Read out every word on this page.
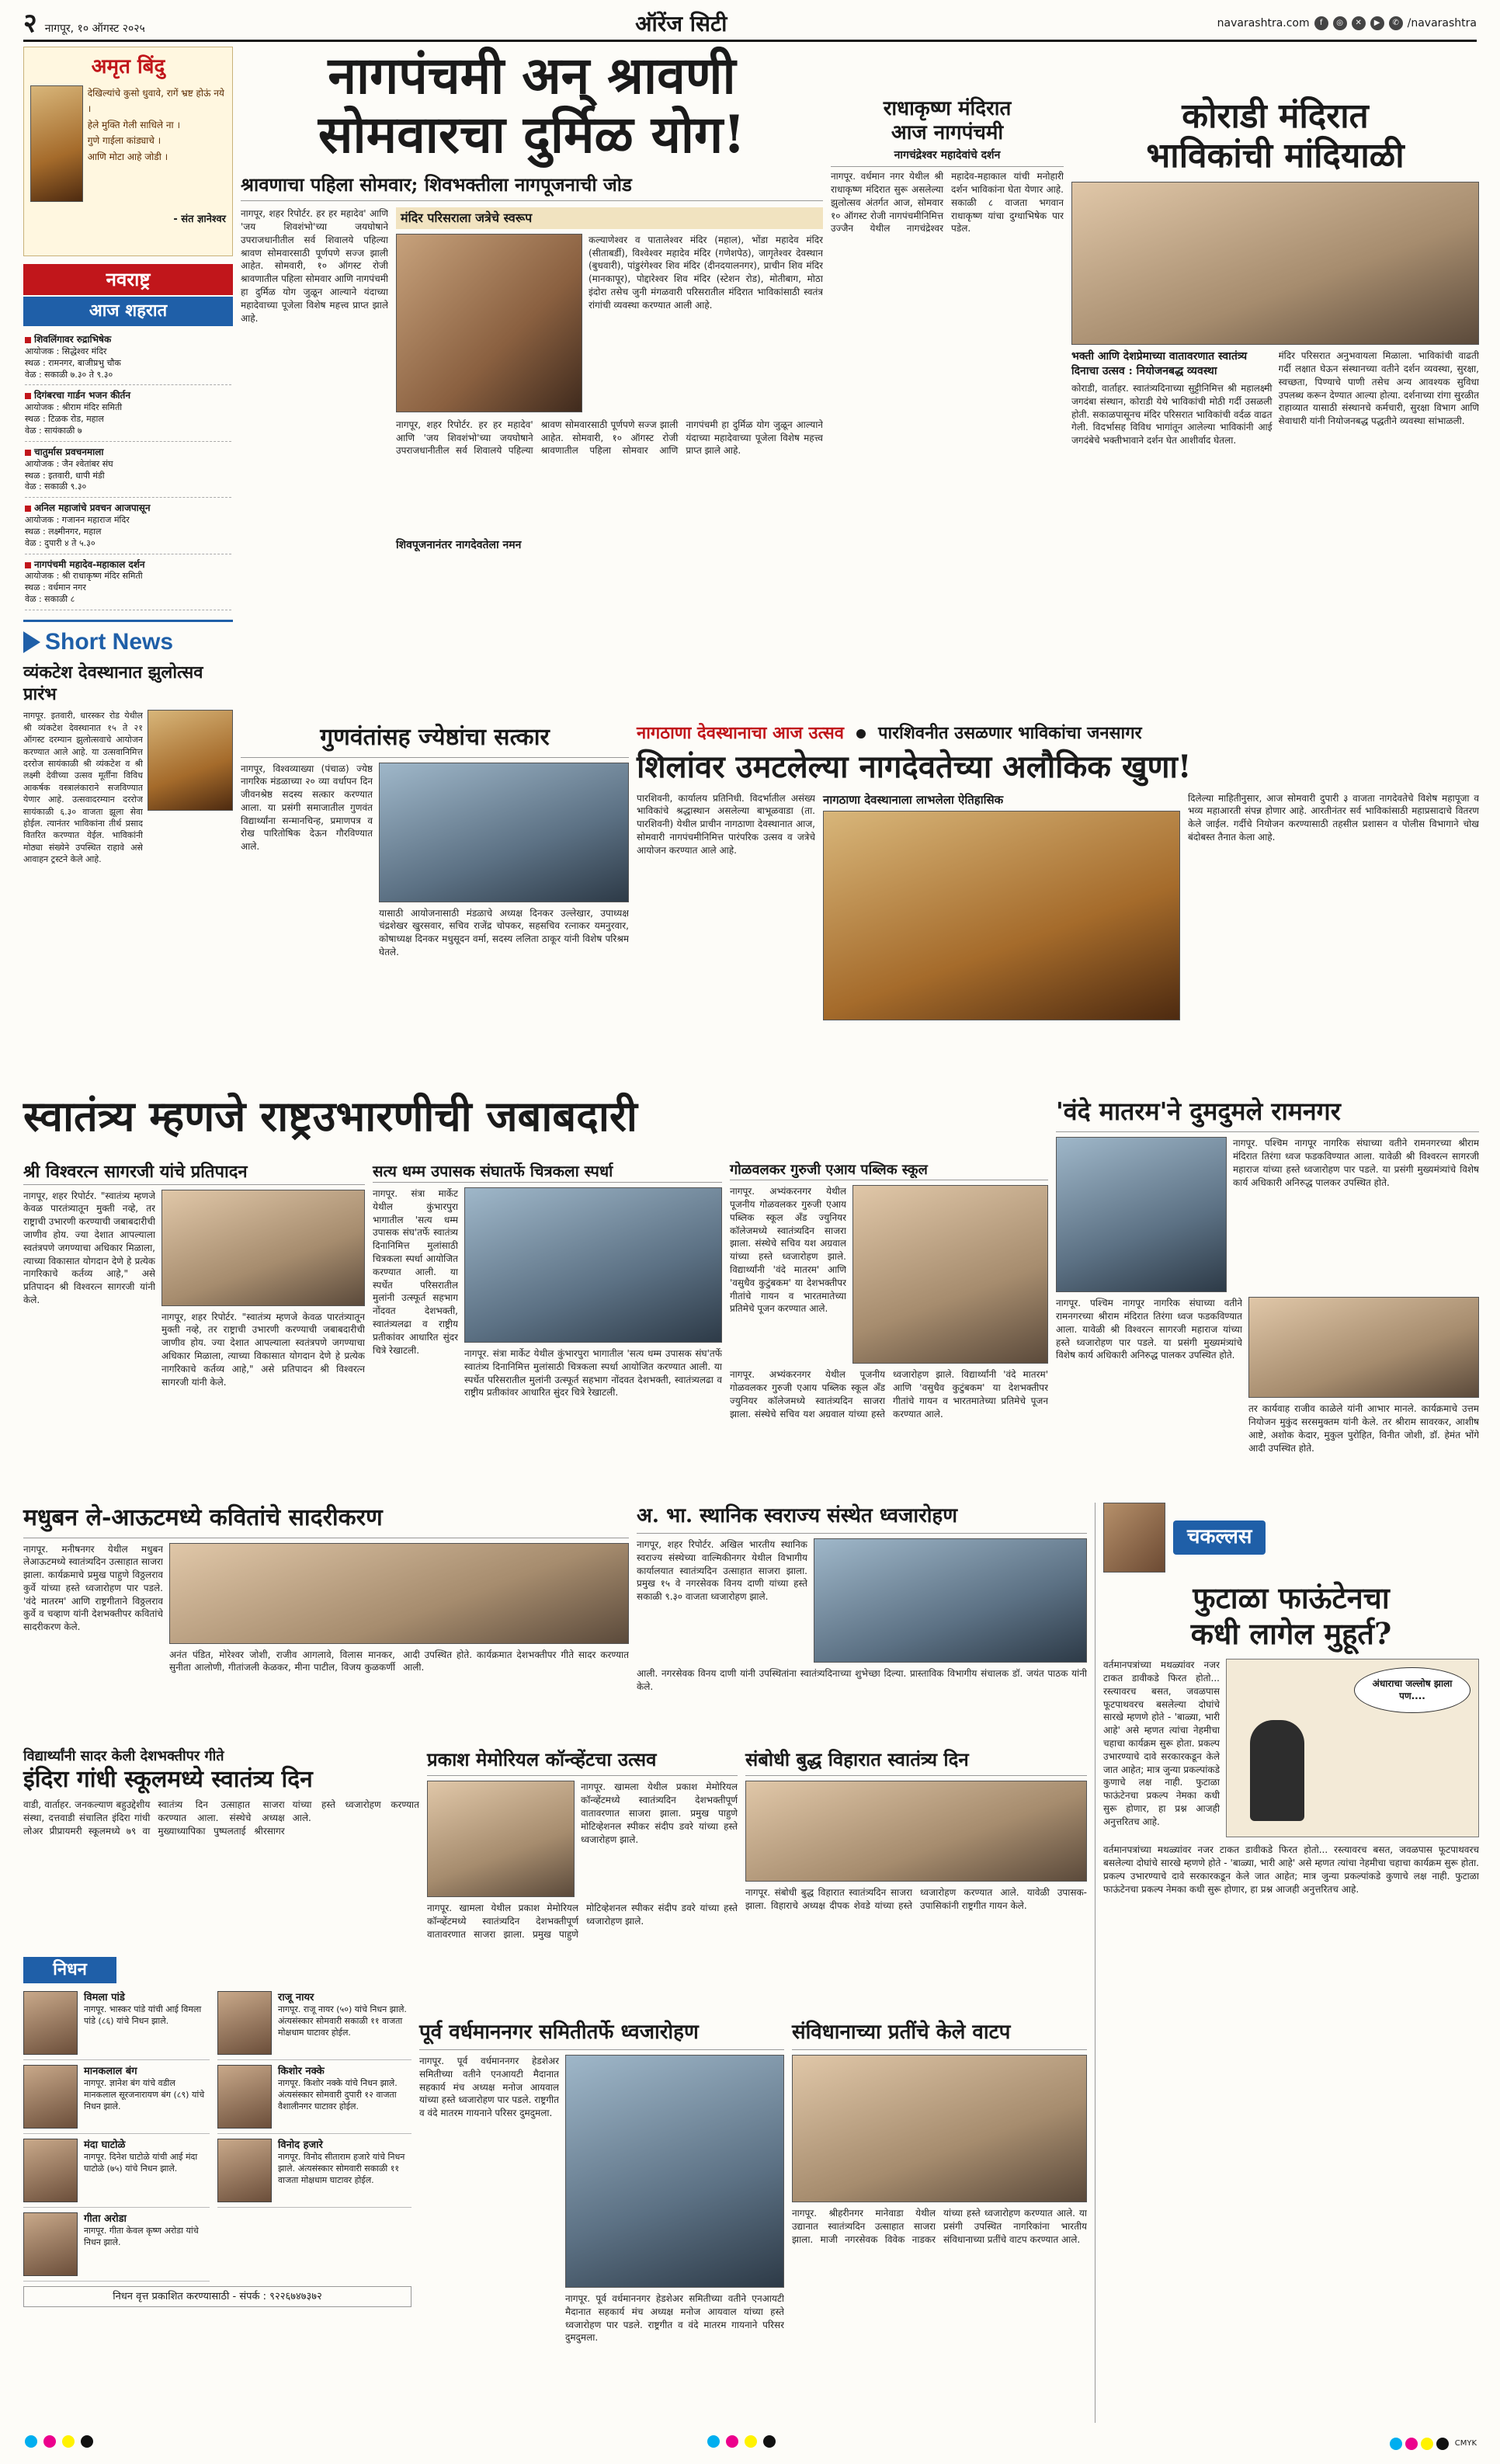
२ नागपूर, १० ऑगस्ट २०२५	ऑरेंज सिटी	navarashtra.com	f	◎	✕	▶	✆ /navarashtra
अमृत बिंदु
देखिल्यांचे कुसो धुवावे, रागें भ्रष्ट होऊं नये ।
हेले मुक्ति गेली साधिले ना ।
गुणे गाईला कांड्याचे ।
आणि मोटा आहे जोडी ।
- संत ज्ञानेश्वर
नवराष्ट्र
आज शहरात
शिवलिंगावर रुद्राभिषेक
आयोजक : सिद्धेश्वर मंदिर
स्थळ : रामनगर, बाजीप्रभु चौक
वेळ : सकाळी ७.३० ते ९.३०
दिगंबरचा गार्डन भजन कीर्तन
आयोजक : श्रीराम मंदिर समिती
स्थळ : टिळक रोड, महाल
वेळ : सायंकाळी ७
चातुर्मास प्रवचनमाला
आयोजक : जैन श्वेतांबर संघ
स्थळ : इतवारी, धापी मंडी
वेळ : सकाळी ९.३०
अनिल महाजांचे प्रवचन आजपासून
आयोजक : गजानन महाराज मंदिर
स्थळ : लक्ष्मीनगर, महाल
वेळ : दुपारी ४ ते ५.३०
नागपंचमी महादेव-महाकाल दर्शन
आयोजक : श्री राधाकृष्ण मंदिर समिती
स्थळ : वर्धमान नगर
वेळ : सकाळी ८
Short News
व्यंकटेश देवस्थानात झुलोत्सव प्रारंभ
नागपूर. इतवारी, धारस्कर रोड येथील श्री व्यंकटेश देवस्थानात १५ ते २१ ऑगस्ट दरम्यान झुलोत्सवाचे आयोजन करण्यात आले आहे. या उत्सवानिमित्त दररोज सायंकाळी श्री व्यंकटेश व श्री लक्ष्मी देवीच्या उत्सव मूर्तींना विविध आकर्षक वस्त्रालंकाराने सजविण्यात येणार आहे. उत्सवादरम्यान दररोज सायंकाळी ६.३० वाजता झूला सेवा होईल. त्यानंतर भाविकांना तीर्थ प्रसाद वितरित करण्यात येईल. भाविकांनी मोठ्या संख्येने उपस्थित राहावे असे आवाहन ट्रस्टने केले आहे.
नागपंचमी अन् श्रावणी
सोमवारचा दुर्मिळ योग!
श्रावणाचा पहिला सोमवार; शिवभक्तीला नागपूजनाची जोड
नागपूर, शहर रिपोर्टर. हर हर महादेव' आणि 'जय शिवशंभो'च्या जयघोषाने उपराजधानीतील सर्व शिवालये पहिल्या श्रावण सोमवारसाठी पूर्णपणे सज्ज झाली आहेत. सोमवारी, १० ऑगस्ट रोजी श्रावणातील पहिला सोमवार आणि नागपंचमी हा दुर्मिळ योग जुळून आल्याने यंदाच्या महादेवाच्या पूजेला विशेष महत्त्व प्राप्त झाले आहे.
मंदिर परिसराला जत्रेचे स्वरूप
कल्याणेश्वर व पातालेश्वर मंदिर (महाल), भोंडा महादेव मंदिर (सीताबर्डी), विश्वेश्वर महादेव मंदिर (गणेशपेठ), जागृतेश्वर देवस्थान (बुधवारी), पांडुरंगेश्वर शिव मंदिर (दीनदयालनगर), प्राचीन शिव मंदिर (मानकापूर), पोद्दारेश्वर शिव मंदिर (स्टेशन रोड), मोतीबाग, मोठा इंदोरा तसेच जुनी मंगळवारी परिसरातील मंदिरात भाविकांसाठी स्वतंत्र रांगांची व्यवस्था करण्यात आली आहे.
नागपूर, शहर रिपोर्टर. हर हर महादेव' आणि 'जय शिवशंभो'च्या जयघोषाने उपराजधानीतील सर्व शिवालये पहिल्या श्रावण सोमवारसाठी पूर्णपणे सज्ज झाली आहेत. सोमवारी, १० ऑगस्ट रोजी श्रावणातील पहिला सोमवार आणि नागपंचमी हा दुर्मिळ योग जुळून आल्याने यंदाच्या महादेवाच्या पूजेला विशेष महत्त्व प्राप्त झाले आहे.
शिवपूजनानंतर नागदेवतेला नमन
राधाकृष्ण मंदिरात
आज नागपंचमी
नागचंद्रेश्वर महादेवांचे दर्शन
नागपूर. वर्धमान नगर येथील श्री राधाकृष्ण मंदिरात सुरू असलेल्या झुलोत्सव अंतर्गत आज, सोमवार १० ऑगस्ट रोजी नागपंचमीनिमित्त उज्जैन येथील नागचंद्रेश्वर महादेव-महाकाल यांची मनोहारी दर्शन भाविकांना घेता येणार आहे. सकाळी ८ वाजता भगवान राधाकृष्ण यांचा दुग्धाभिषेक पार पडेल.
कोराडी मंदिरात
भाविकांची मांदियाळी
भक्ती आणि देशप्रेमाच्या वातावरणात स्वातंत्र्य दिनाचा उत्सव : नियोजनबद्ध व्यवस्था
कोराडी, वार्ताहर. स्वातंत्र्यदिनाच्या सुट्टीनिमित्त श्री महालक्ष्मी जगदंबा संस्थान, कोराडी येथे भाविकांची मोठी गर्दी उसळली होती. सकाळपासूनच मंदिर परिसरात भाविकांची वर्दळ वाढत गेली. विदर्भासह विविध भागांतून आलेल्या भाविकांनी आई जगदंबेचे भक्तीभावाने दर्शन घेत आशीर्वाद घेतला.
मंदिर परिसरात अनुभवायला मिळाला. भाविकांची वाढती गर्दी लक्षात घेऊन संस्थानच्या वतीने दर्शन व्यवस्था, सुरक्षा, स्वच्छता, पिण्याचे पाणी तसेच अन्य आवश्यक सुविधा उपलब्ध करून देण्यात आल्या होत्या. दर्शनाच्या रांगा सुरळीत राहाव्यात यासाठी संस्थानचे कर्मचारी, सुरक्षा विभाग आणि सेवाधारी यांनी नियोजनबद्ध पद्धतीने व्यवस्था सांभाळली.
गुणवंतांसह ज्येष्ठांचा सत्कार
नागपूर, विश्वव्याख्या (पंचाळ) ज्येष्ठ नागरिक मंडळाच्या २० व्या वर्धापन दिन जीवनश्रेष्ठ सदस्य सत्कार करण्यात आला. या प्रसंगी समाजातील गुणवंत विद्यार्थ्यांना सन्मानचिन्ह, प्रमाणपत्र व रोख पारितोषिक देऊन गौरविण्यात आले.
यासाठी आयोजनासाठी मंडळाचे अध्यक्ष दिनकर उल्लेखार, उपाध्यक्ष चंद्रशेखर खुरसवार, सचिव राजेंद्र चोपकर, सहसचिव रत्नाकर यमनुरवार, कोषाध्यक्ष दिनकर मधुसूदन वर्मा, सदस्य ललिता ठाकूर यांनी विशेष परिश्रम घेतले.
नागठाणा देवस्थानाचा आज उत्सव पारशिवनीत उसळणार भाविकांचा जनसागर
शिलांवर उमटलेल्या नागदेवतेच्या अलौकिक खुणा!
पारशिवनी, कार्यालय प्रतिनिधी. विदर्भातील असंख्य भाविकांचे श्रद्धास्थान असलेल्या बाभूळवाडा (ता. पारशिवनी) येथील प्राचीन नागठाणा देवस्थानात आज, सोमवारी नागपंचमीनिमित्त पारंपरिक उत्सव व जत्रेचे आयोजन करण्यात आले आहे.
नागठाणा देवस्थानाला लाभलेला ऐतिहासिक	दिलेल्या माहितीनुसार, आज सोमवारी दुपारी ३ वाजता नागदेवतेचे विशेष महापूजा व भव्य महाआरती संपन्न होणार आहे. आरतीनंतर सर्व भाविकांसाठी महाप्रसादाचे वितरण केले जाईल. गर्दीचे नियोजन करण्यासाठी तहसील प्रशासन व पोलीस विभागाने चोख बंदोबस्त तैनात केला आहे.
स्वातंत्र्य म्हणजे राष्ट्रउभारणीची जबाबदारी
श्री विश्वरत्न सागरजी यांचे प्रतिपादन
नागपूर, शहर रिपोर्टर. "स्वातंत्र्य म्हणजे केवळ पारतंत्र्यातून मुक्ती नव्हे, तर राष्ट्राची उभारणी करण्याची जबाबदारीची जाणीव होय. ज्या देशात आपल्याला स्वतंत्रपणे जगण्याचा अधिकार मिळाला, त्याच्या विकासात योगदान देणे हे प्रत्येक नागरिकाचे कर्तव्य आहे," असे प्रतिपादन श्री विश्वरत्न सागरजी यांनी केले.
नागपूर, शहर रिपोर्टर. "स्वातंत्र्य म्हणजे केवळ पारतंत्र्यातून मुक्ती नव्हे, तर राष्ट्राची उभारणी करण्याची जबाबदारीची जाणीव होय. ज्या देशात आपल्याला स्वतंत्रपणे जगण्याचा अधिकार मिळाला, त्याच्या विकासात योगदान देणे हे प्रत्येक नागरिकाचे कर्तव्य आहे," असे प्रतिपादन श्री विश्वरत्न सागरजी यांनी केले.
सत्य धम्म उपासक संघातर्फे चित्रकला स्पर्धा
नागपूर. संत्रा मार्केट येथील कुंभारपुरा भागातील 'सत्य धम्म उपासक संघ'तर्फे स्वातंत्र्य दिनानिमित्त मुलांसाठी चित्रकला स्पर्धा आयोजित करण्यात आली. या स्पर्धेत परिसरातील मुलांनी उत्स्फूर्त सहभाग नोंदवत देशभक्ती, स्वातंत्र्यलढा व राष्ट्रीय प्रतीकांवर आधारित सुंदर चित्रे रेखाटली.	नागपूर. संत्रा मार्केट येथील कुंभारपुरा भागातील 'सत्य धम्म उपासक संघ'तर्फे स्वातंत्र्य दिनानिमित्त मुलांसाठी चित्रकला स्पर्धा आयोजित करण्यात आली. या स्पर्धेत परिसरातील मुलांनी उत्स्फूर्त सहभाग नोंदवत देशभक्ती, स्वातंत्र्यलढा व राष्ट्रीय प्रतीकांवर आधारित सुंदर चित्रे रेखाटली.
गोळवलकर गुरुजी एआय पब्लिक स्कूल
नागपूर. अभ्यंकरनगर येथील पूजनीय गोळवलकर गुरुजी एआय पब्लिक स्कूल अँड ज्युनियर कॉलेजमध्ये स्वातंत्र्यदिन साजरा झाला. संस्थेचे सचिव यश अग्रवाल यांच्या हस्ते ध्वजारोहण झाले. विद्यार्थ्यांनी 'वंदे मातरम' आणि 'वसुधैव कुटुंबकम' या देशभक्तीपर गीतांचे गायन व भारतमातेच्या प्रतिमेचे पूजन करण्यात आले.
नागपूर. अभ्यंकरनगर येथील पूजनीय गोळवलकर गुरुजी एआय पब्लिक स्कूल अँड ज्युनियर कॉलेजमध्ये स्वातंत्र्यदिन साजरा झाला. संस्थेचे सचिव यश अग्रवाल यांच्या हस्ते ध्वजारोहण झाले. विद्यार्थ्यांनी 'वंदे मातरम' आणि 'वसुधैव कुटुंबकम' या देशभक्तीपर गीतांचे गायन व भारतमातेच्या प्रतिमेचे पूजन करण्यात आले.
'वंदे मातरम'ने दुमदुमले रामनगर
नागपूर. पश्चिम नागपूर नागरिक संघाच्या वतीने रामनगरच्या श्रीराम मंदिरात तिरंगा ध्वज फडकविण्यात आला. यावेळी श्री विश्वरत्न सागरजी महाराज यांच्या हस्ते ध्वजारोहण पार पडले. या प्रसंगी मुख्यमंत्र्यांचे विशेष कार्य अधिकारी अनिरुद्ध पालकर उपस्थित होते.
नागपूर. पश्चिम नागपूर नागरिक संघाच्या वतीने रामनगरच्या श्रीराम मंदिरात तिरंगा ध्वज फडकविण्यात आला. यावेळी श्री विश्वरत्न सागरजी महाराज यांच्या हस्ते ध्वजारोहण पार पडले. या प्रसंगी मुख्यमंत्र्यांचे विशेष कार्य अधिकारी अनिरुद्ध पालकर उपस्थित होते.
तर कार्यवाह राजीव काळेले यांनी आभार मानले. कार्यक्रमाचे उत्तम नियोजन मुकुंद सरसमुक्तम यांनी केले. तर श्रीराम सावरकर, आशीष आष्टे, अशोक केदार, मुकुल पुरोहित, विनीत जोशी, डॉ. हेमंत भोंगे आदी उपस्थित होते.
मधुबन ले-आऊटमध्ये कवितांचे सादरीकरण
नागपूर. मनीषनगर येथील मधुबन लेआऊटमध्ये स्वातंत्र्यदिन उत्साहात साजरा झाला. कार्यक्रमाचे प्रमुख पाहुणे विठ्ठलराव कुर्वे यांच्या हस्ते ध्वजारोहण पार पडले. 'वंदे मातरम' आणि राष्ट्रगीताने विठ्ठलराव कुर्वे व चव्हाण यांनी देशभक्तीपर कवितांचे सादरीकरण केले.
अनंत पंडित, मोरेश्वर जोशी, राजीव आगलावे, विलास मानकर, सुनीता आलोणी, गीतांजली केळकर, मीना पाटील, विजय कुळकर्णी आदी उपस्थित होते. कार्यक्रमात देशभक्तीपर गीते सादर करण्यात आली.
अ. भा. स्थानिक स्वराज्य संस्थेत ध्वजारोहण
नागपूर, शहर रिपोर्टर. अखिल भारतीय स्थानिक स्वराज्य संस्थेच्या वाल्मिकीनगर येथील विभागीय कार्यालयात स्वातंत्र्यदिन उत्साहात साजरा झाला. प्रमुख १५ वे नगरसेवक विनय दाणी यांच्या हस्ते सकाळी ९.३० वाजता ध्वजारोहण झाले.
आली. नगरसेवक विनय दाणी यांनी उपस्थितांना स्वातंत्र्यदिनाच्या शुभेच्छा दिल्या. प्रास्ताविक विभागीय संचालक डॉ. जयंत पाठक यांनी केले.
चकल्लस
फुटाळा फाऊंटेनचा
कधी लागेल मुहूर्त?
वर्तमानपत्रांच्या मथळ्यांवर नजर टाकत डावीकडे फिरत होतो... रस्त्यावरच बसत, जवळपास फूटपाथवरच बसलेल्या दोघांचे सारखे म्हणणे होते - 'बाळ्या, भारी आहे' असे म्हणत त्यांचा नेहमीचा चहाचा कार्यक्रम सुरू होता. प्रकल्प उभारण्याचे दावे सरकारकडून केले जात आहेत; मात्र जुन्या प्रकल्पांकडे कुणाचे लक्ष नाही. फुटाळा फाऊंटेनचा प्रकल्प नेमका कधी सुरू होणार, हा प्रश्न आजही अनुत्तरितच आहे.
अंधाराचा जल्लोष झाला पण....
वर्तमानपत्रांच्या मथळ्यांवर नजर टाकत डावीकडे फिरत होतो... रस्त्यावरच बसत, जवळपास फूटपाथवरच बसलेल्या दोघांचे सारखे म्हणणे होते - 'बाळ्या, भारी आहे' असे म्हणत त्यांचा नेहमीचा चहाचा कार्यक्रम सुरू होता. प्रकल्प उभारण्याचे दावे सरकारकडून केले जात आहेत; मात्र जुन्या प्रकल्पांकडे कुणाचे लक्ष नाही. फुटाळा फाऊंटेनचा प्रकल्प नेमका कधी सुरू होणार, हा प्रश्न आजही अनुत्तरितच आहे.
विद्यार्थ्यांनी सादर केली देशभक्तीपर गीते
इंदिरा गांधी स्कूलमध्ये स्वातंत्र्य दिन
वाडी, वार्ताहर. जनकल्याण बहुउद्देशीय संस्था, दत्तवाडी संचालित इंदिरा गांधी लोअर प्रीप्रायमरी स्कूलमध्ये ७९ वा स्वातंत्र्य दिन उत्साहात साजरा करण्यात आला. संस्थेचे अध्यक्ष मुख्याध्यापिका पुष्पलताई श्रीरसागर यांच्या हस्ते ध्वजारोहण करण्यात आले.
प्रकाश मेमोरियल कॉन्व्हेंटचा उत्सव
नागपूर. खामला येथील प्रकाश मेमोरियल कॉन्व्हेंटमध्ये स्वातंत्र्यदिन देशभक्तीपूर्ण वातावरणात साजरा झाला. प्रमुख पाहुणे मोटिव्हेशनल स्पीकर संदीप डवरे यांच्या हस्ते ध्वजारोहण झाले.
नागपूर. खामला येथील प्रकाश मेमोरियल कॉन्व्हेंटमध्ये स्वातंत्र्यदिन देशभक्तीपूर्ण वातावरणात साजरा झाला. प्रमुख पाहुणे मोटिव्हेशनल स्पीकर संदीप डवरे यांच्या हस्ते ध्वजारोहण झाले.
संबोधी बुद्ध विहारात स्वातंत्र्य दिन
नागपूर. संबोधी बुद्ध विहारात स्वातंत्र्यदिन साजरा झाला. विहाराचे अध्यक्ष दीपक शेवडे यांच्या हस्ते ध्वजारोहण करण्यात आले. यावेळी उपासक-उपासिकांनी राष्ट्रगीत गायन केले.
निधन
विमला पांडे
नागपूर. भास्कर पांडे यांची आई विमला पांडे (८६) यांचे निधन झाले.
मानकलाल बंग
नागपूर. ज्ञानेश बंग यांचे वडील मानकलाल सूरजनारायण बंग (८९) यांचे निधन झाले.
मंदा घाटोळे
नागपूर. दिनेश घाटोळे यांची आई मंदा घाटोळे (७५) यांचे निधन झाले.
गीता अरोडा
नागपूर. गीता केवल कृष्ण अरोडा यांचे निधन झाले.
राजू नायर
नागपूर. राजू नायर (५०) यांचे निधन झाले. अंत्यसंस्कार सोमवारी सकाळी ११ वाजता मोक्षधाम घाटावर होईल.
किशोर नक्के
नागपूर. किशोर नक्के यांचे निधन झाले. अंत्यसंस्कार सोमवारी दुपारी १२ वाजता वैशालीनगर घाटावर होईल.
विनोद हजारे
नागपूर. विनोद सीताराम हजारे यांचे निधन झाले. अंत्यसंस्कार सोमवारी सकाळी ११ वाजता मोक्षधाम घाटावर होईल.
निधन वृत्त प्रकाशित करण्यासाठी - संपर्क : ९२२६७४७३७२
पूर्व वर्धमाननगर समितीतर्फे ध्वजारोहण
नागपूर. पूर्व वर्धमाननगर हेडशेअर समितीच्या वतीने एनआयटी मैदानात सहकार्य मंच अध्यक्ष मनोज आयवाल यांच्या हस्ते ध्वजारोहण पार पडले. राष्ट्रगीत व वंदे मातरम गायनाने परिसर दुमदुमला.
नागपूर. पूर्व वर्धमाननगर हेडशेअर समितीच्या वतीने एनआयटी मैदानात सहकार्य मंच अध्यक्ष मनोज आयवाल यांच्या हस्ते ध्वजारोहण पार पडले. राष्ट्रगीत व वंदे मातरम गायनाने परिसर दुमदुमला.
संविधानाच्या प्रतींचे केले वाटप
नागपूर. श्रीहरीनगर मानेवाडा येथील उद्यानात स्वातंत्र्यदिन उत्साहात साजरा झाला. माजी नगरसेवक विवेक नाडकर यांच्या हस्ते ध्वजारोहण करण्यात आले. या प्रसंगी उपस्थित नागरिकांना भारतीय संविधानाच्या प्रतींचे वाटप करण्यात आले.

CMYK
